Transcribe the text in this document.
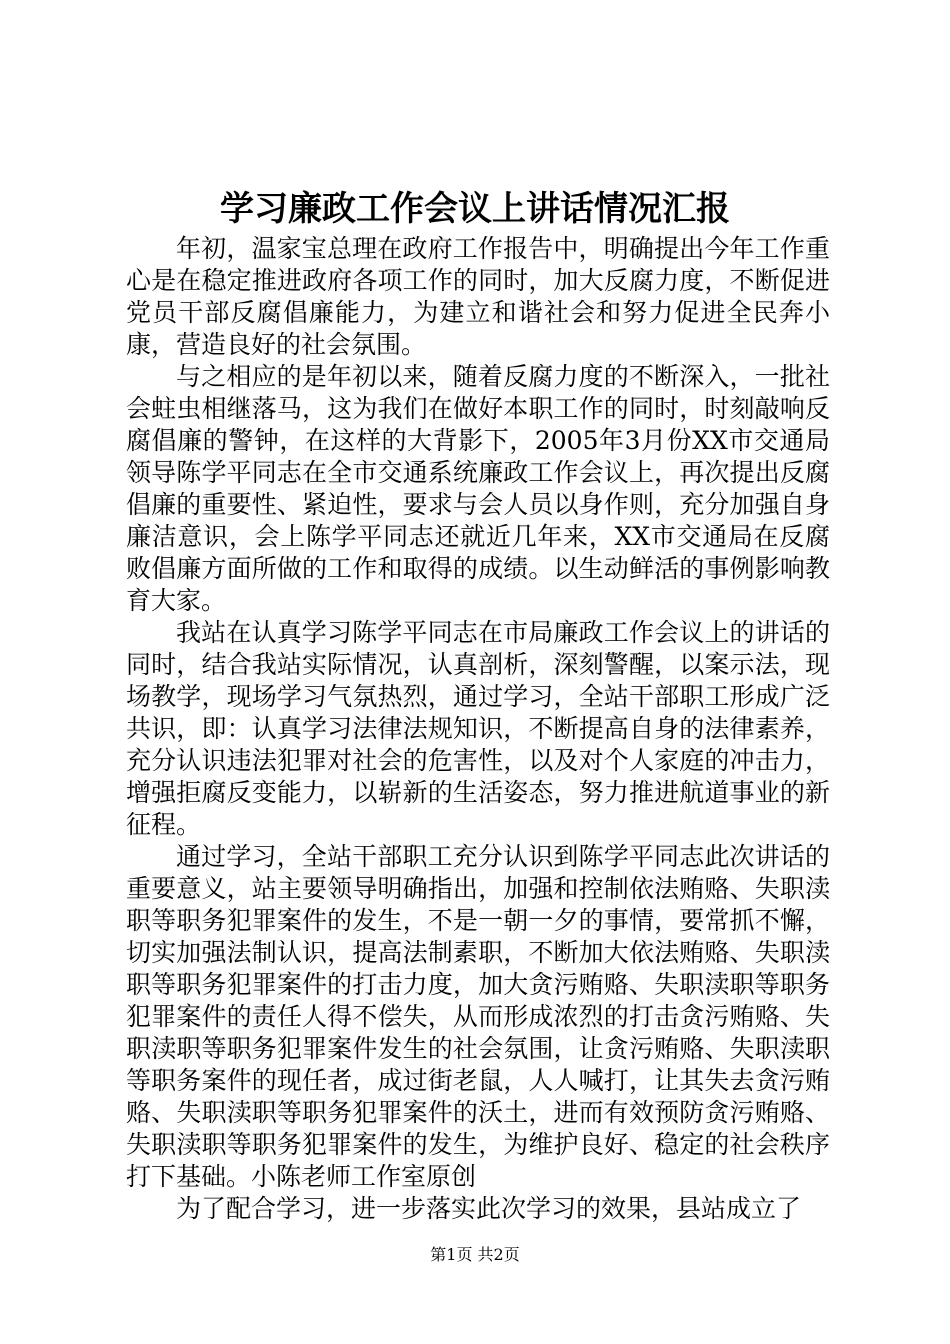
学习廉政工作会议上讲话情况汇报

年初，温家宝总理在政府工作报告中，明确提出今年工作重心是在稳定推进政府各项工作的同时，加大反腐力度，不断促进党员干部反腐倡廉能力，为建立和谐社会和努力促进全民奔小康，营造良好的社会氛围。

与之相应的是年初以来，随着反腐力度的不断深入，一批社会蛀虫相继落马，这为我们在做好本职工作的同时，时刻敲响反腐倡廉的警钟，在这样的大背影下，2005年3月份XX市交通局领导陈学平同志在全市交通系统廉政工作会议上，再次提出反腐倡廉的重要性、紧迫性，要求与会人员以身作则，充分加强自身廉洁意识，会上陈学平同志还就近几年来，XX市交通局在反腐败倡廉方面所做的工作和取得的成绩。以生动鲜活的事例影响教育大家。

我站在认真学习陈学平同志在市局廉政工作会议上的讲话的同时，结合我站实际情况，认真剖析，深刻警醒，以案示法，现场教学，现场学习气氛热烈，通过学习，全站干部职工形成广泛共识，即：认真学习法律法规知识，不断提高自身的法律素养，充分认识违法犯罪对社会的危害性，以及对个人家庭的冲击力，增强拒腐反变能力，以崭新的生活姿态，努力推进航道事业的新征程。

通过学习，全站干部职工充分认识到陈学平同志此次讲话的重要意义，站主要领导明确指出，加强和控制依法贿赂、失职渎职等职务犯罪案件的发生，不是一朝一夕的事情，要常抓不懈，切实加强法制认识，提高法制素职，不断加大依法贿赂、失职渎职等职务犯罪案件的打击力度，加大贪污贿赂、失职渎职等职务犯罪案件的责任人得不偿失，从而形成浓烈的打击贪污贿赂、失职渎职等职务犯罪案件发生的社会氛围，让贪污贿赂、失职渎职等职务案件的现任者，成过街老鼠，人人喊打，让其失去贪污贿赂、失职渎职等职务犯罪案件的沃土，进而有效预防贪污贿赂、失职渎职等职务犯罪案件的发生，为维护良好、稳定的社会秩序打下基础。小陈老师工作室原创

为了配合学习，进一步落实此次学习的效果，县站成立了

第1页 共2页
